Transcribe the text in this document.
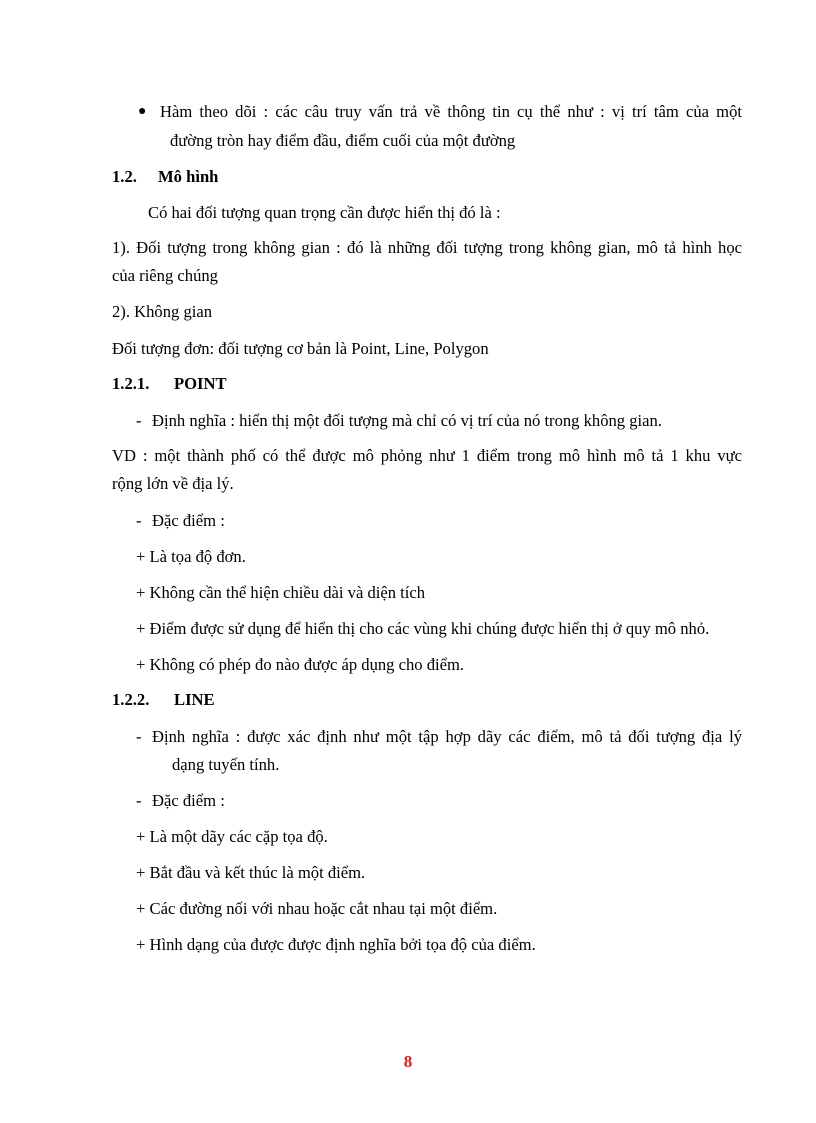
● Hàm theo dõi : các câu truy vấn trả về thông tin cụ thể như : vị trí tâm của một
đường tròn hay điểm đầu, điểm cuối của một đường
1.2. Mô hình
Có hai đối tượng quan trọng cần được hiển thị đó là :
1). Đối tượng trong không gian : đó là những đối tượng trong không gian, mô tả hình học
của riêng chúng
2). Không gian
Đối tượng đơn: đối tượng cơ bản là Point, Line, Polygon
1.2.1. POINT
- Định nghĩa : hiển thị một đối tượng mà chỉ có vị trí của nó trong không gian.
VD : một thành phố có thể được mô phỏng như 1 điểm trong mô hình mô tả 1 khu vực
rộng lớn về địa lý.
- Đặc điểm :
+ Là tọa độ đơn.
+ Không cần thể hiện chiều dài và diện tích
+ Điểm được sử dụng để hiển thị cho các vùng khi chúng được hiển thị ở quy mô nhỏ.
+ Không có phép đo nào được áp dụng cho điểm.
1.2.2. LINE
- Định nghĩa : được xác định như một tập hợp dãy các điểm, mô tả đối tượng địa lý
dạng tuyến tính.
- Đặc điểm :
+ Là một dãy các cặp tọa độ.
+ Bắt đầu và kết thúc là một điểm.
+ Các đường nối với nhau hoặc cắt nhau tại một điểm.
+ Hình dạng của được được định nghĩa bởi tọa độ của điểm.
8
